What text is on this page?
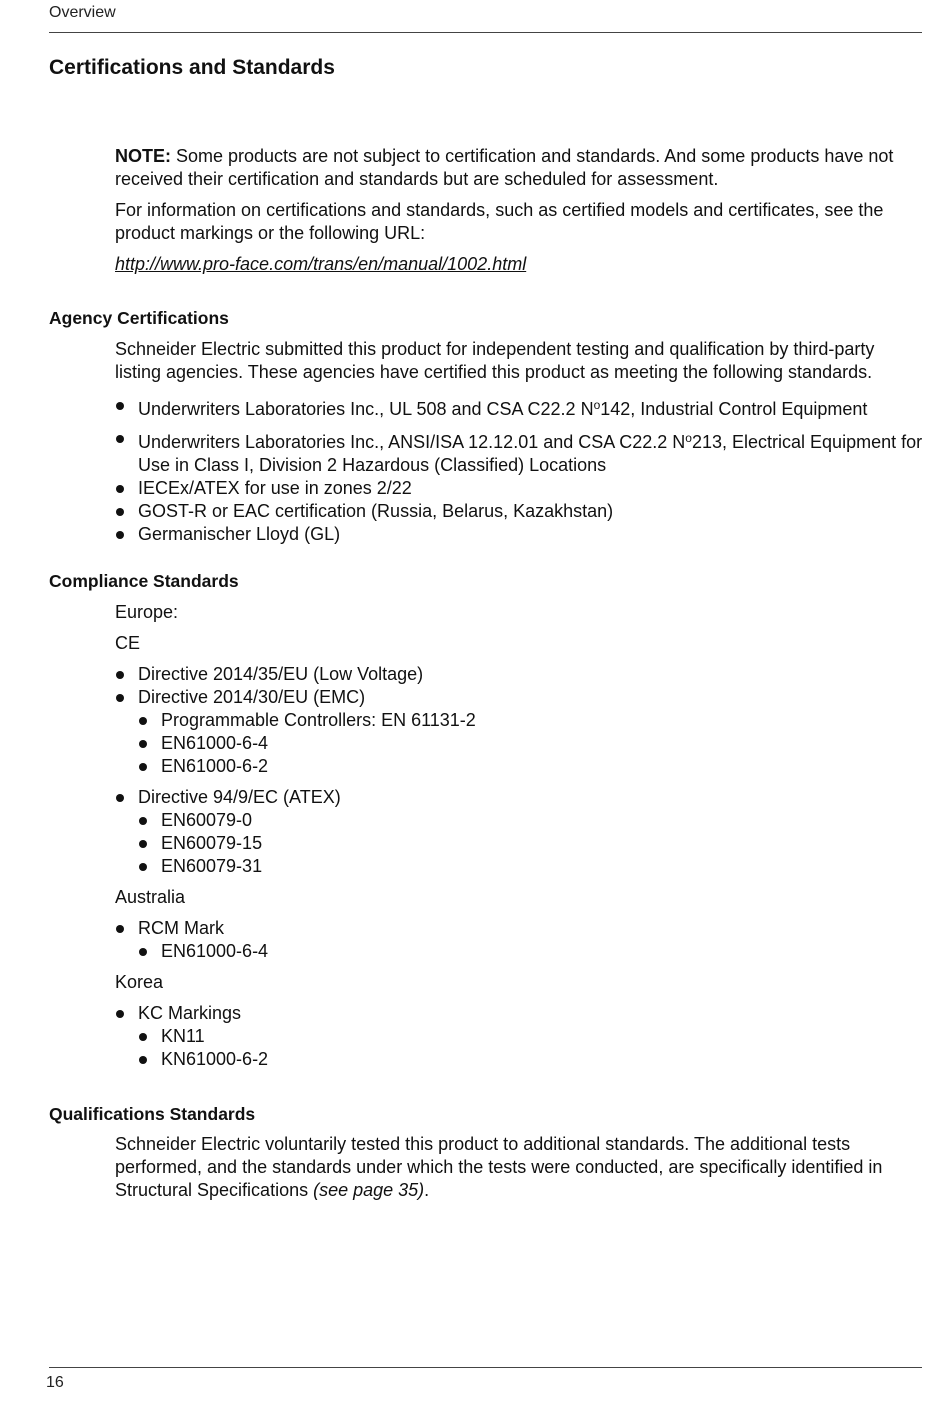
Overview
Certifications and Standards

NOTE: Some products are not subject to certification and standards. And some products have not received their certification and standards but are scheduled for assessment.

For information on certifications and standards, such as certified models and certificates, see the product markings or the following URL:

http://www.pro-face.com/trans/en/manual/1002.html

Agency Certifications

Schneider Electric submitted this product for independent testing and qualification by third-party listing agencies. These agencies have certified this product as meeting the following standards.

Underwriters Laboratories Inc., UL 508 and CSA C22.2 $N^o142$, Industrial Control Equipment
Underwriters Laboratories Inc., ANSI/ISA 12.12.01 and CSA C22.2 $N^o213$, Electrical Equipment for Use in Class I, Division 2 Hazardous (Classified) Locations
IECEx/ATEX for use in zones 2/22
GOST-R or EAC certification (Russia, Belarus, Kazakhstan)
Germanischer Lloyd (GL)
Compliance Standards

Europe:

CE

Directive 2014/35/EU (Low Voltage)
Directive 2014/30/EU (EMC)
Programmable Controllers: EN 61131-2
EN61000-6-4
EN61000-6-2
Directive 94/9/EC (ATEX)
EN60079-0
EN60079-15
EN60079-31

Australia

RCM Mark
EN61000-6-4

Korea

KC Markings
KN11
KN61000-6-2
Qualifications Standards

Schneider Electric voluntarily tested this product to additional standards. The additional tests performed, and the standards under which the tests were conducted, are specifically identified in Structural Specifications (see page 35).

16
